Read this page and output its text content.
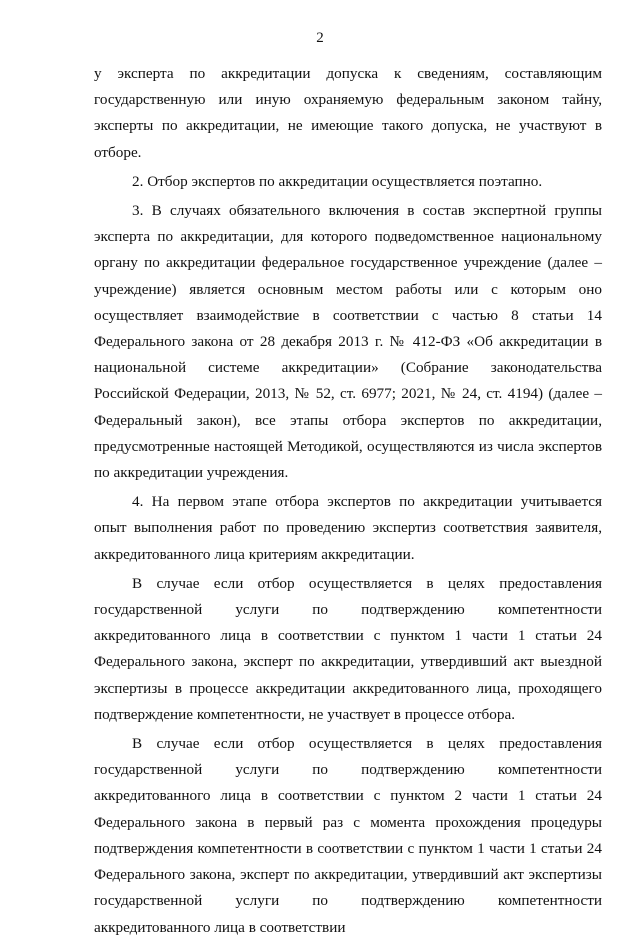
2

у эксперта по аккредитации допуска к сведениям, составляющим государственную или иную охраняемую федеральным законом тайну, эксперты по аккредитации, не имеющие такого допуска, не участвуют в отборе.

2. Отбор экспертов по аккредитации осуществляется поэтапно.

3. В случаях обязательного включения в состав экспертной группы эксперта по аккредитации, для которого подведомственное национальному органу по аккредитации федеральное государственное учреждение (далее – учреждение) является основным местом работы или с которым оно осуществляет взаимодействие в соответствии с частью 8 статьи 14 Федерального закона от 28 декабря 2013 г. № 412-ФЗ «Об аккредитации в национальной системе аккредитации» (Собрание законодательства Российской Федерации, 2013, № 52, ст. 6977; 2021, № 24, ст. 4194) (далее – Федеральный закон), все этапы отбора экспертов по аккредитации, предусмотренные настоящей Методикой, осуществляются из числа экспертов по аккредитации учреждения.

4. На первом этапе отбора экспертов по аккредитации учитывается опыт выполнения работ по проведению экспертиз соответствия заявителя, аккредитованного лица критериям аккредитации.

В случае если отбор осуществляется в целях предоставления государственной услуги по подтверждению компетентности аккредитованного лица в соответствии с пунктом 1 части 1 статьи 24 Федерального закона, эксперт по аккредитации, утвердивший акт выездной экспертизы в процессе аккредитации аккредитованного лица, проходящего подтверждение компетентности, не участвует в процессе отбора.

В случае если отбор осуществляется в целях предоставления государственной услуги по подтверждению компетентности аккредитованного лица в соответствии с пунктом 2 части 1 статьи 24 Федерального закона в первый раз с момента прохождения процедуры подтверждения компетентности в соответствии с пунктом 1 части 1 статьи 24 Федерального закона, эксперт по аккредитации, утвердивший акт экспертизы государственной услуги по подтверждению компетентности аккредитованного лица в соответствии
